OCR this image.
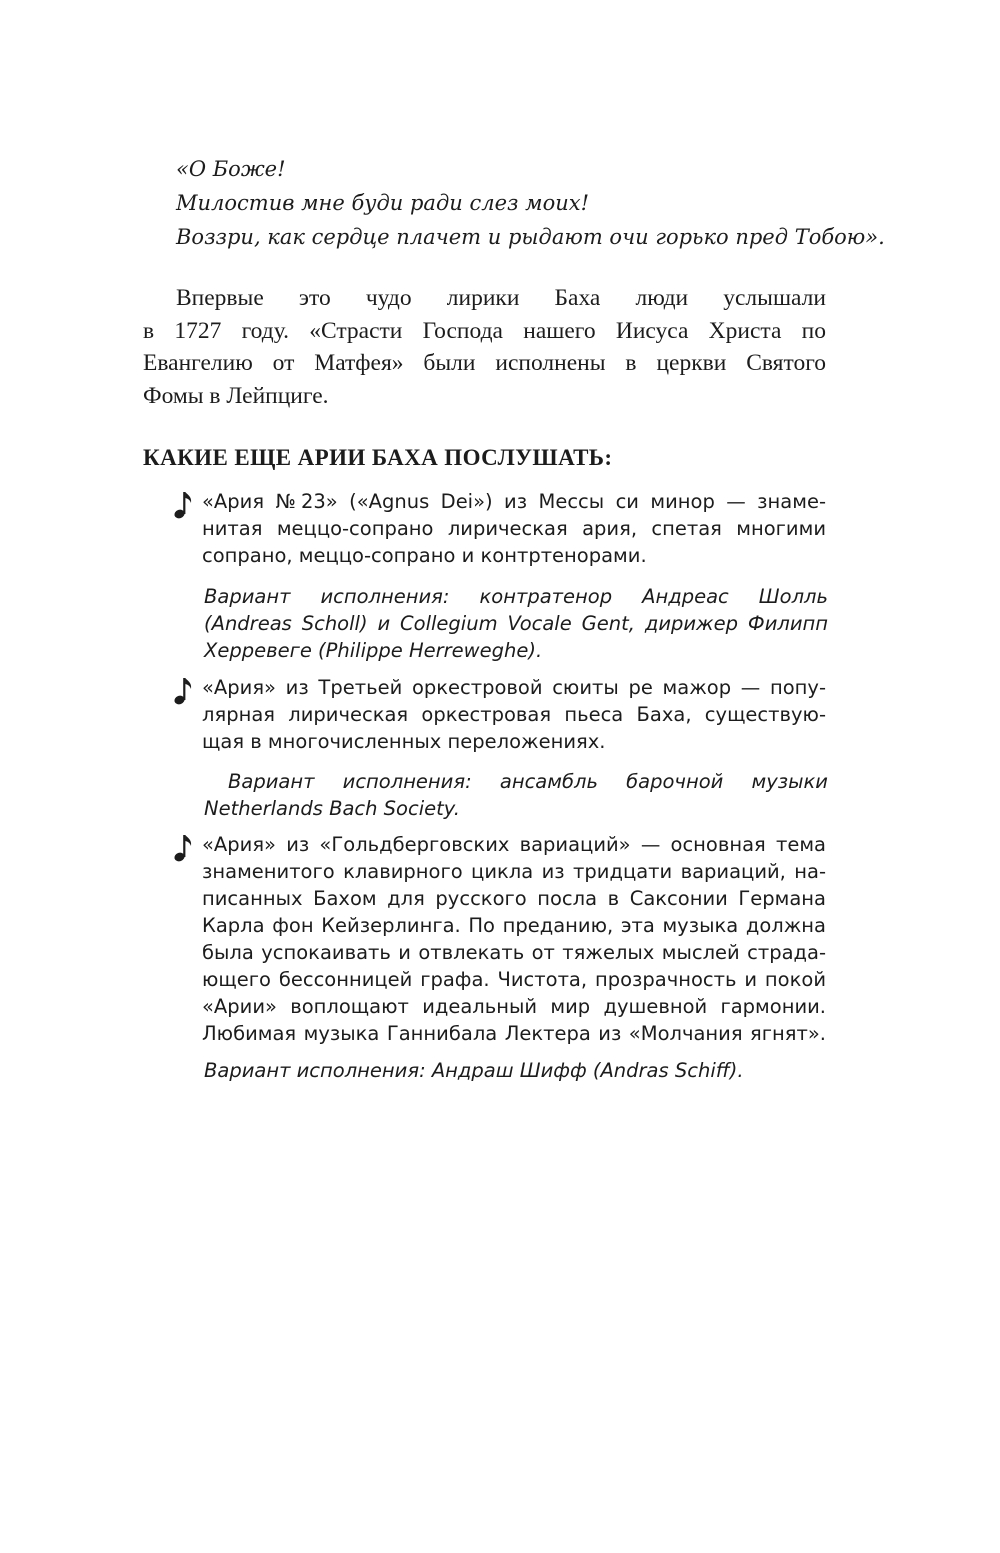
«О Боже!
Милостив мне буди ради слез моих!
Воззри, как сердце плачет и рыдают очи горько пред Тобою».
Впервые это чудо лирики Баха люди услышали
в 1727 году. «Страсти Господа нашего Иисуса Христа по
Евангелию от Матфея» были исполнены в церкви Святого
Фомы в Лейпциге.
КАКИЕ ЕЩЕ АРИИ БАХА ПОСЛУШАТЬ:
«Ария №23» («Agnus Dei») из Мессы си минор — знаме-
нитая меццо-сопрано лирическая ария, спетая многими
сопрано, меццо-сопрано и контртенорами.
Вариант исполнения: контратенор Андреас Шолль
(Andreas Scholl) и Collegium Vocale Gent, дирижер Филипп
Херревеге (Philippe Herreweghe).
«Ария» из Третьей оркестровой сюиты ре мажор — попу-
лярная лирическая оркестровая пьеса Баха, существую-
щая в многочисленных переложениях.
Вариант исполнения: ансамбль барочной музыки
Netherlands Bach Society.
«Ария» из «Гольдберговских вариаций» — основная тема
знаменитого клавирного цикла из тридцати вариаций, на-
писанных Бахом для русского посла в Саксонии Германа
Карла фон Кейзерлинга. По преданию, эта музыка должна
была успокаивать и отвлекать от тяжелых мыслей страда-
ющего бессонницей графа. Чистота, прозрачность и покой
«Арии» воплощают идеальный мир душевной гармонии.
Любимая музыка Ганнибала Лектера из «Молчания ягнят».
Вариант исполнения: Андраш Шифф (Andras Schiff).
